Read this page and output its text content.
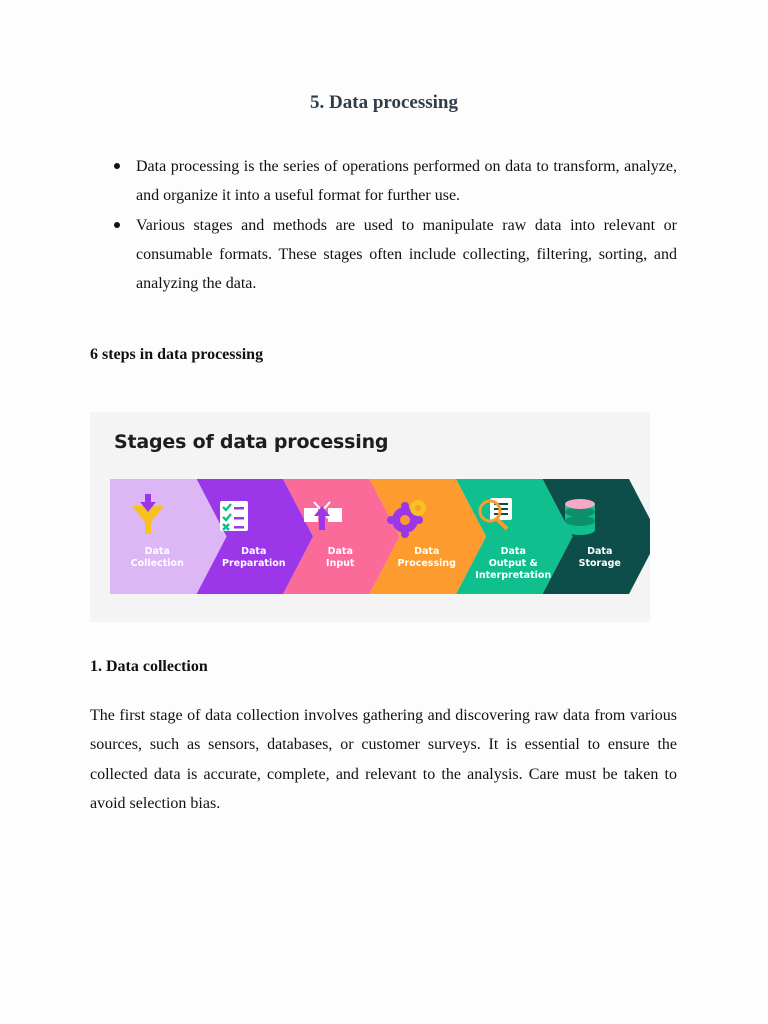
5. Data processing
Data processing is the series of operations performed on data to transform, analyze, and organize it into a useful format for further use.
Various stages and methods are used to manipulate raw data into relevant or consumable formats. These stages often include collecting, filtering, sorting, and analyzing the data.
6 steps in data processing
Stages of data processing
Data Collection
Data Preparation
Data Input
Data Processing
Data Output & Interpretation
Data Storage
1. Data collection

The first stage of data collection involves gathering and discovering raw data from various sources, such as sensors, databases, or customer surveys. It is essential to ensure the collected data is accurate, complete, and relevant to the analysis. Care must be taken to avoid selection bias.
